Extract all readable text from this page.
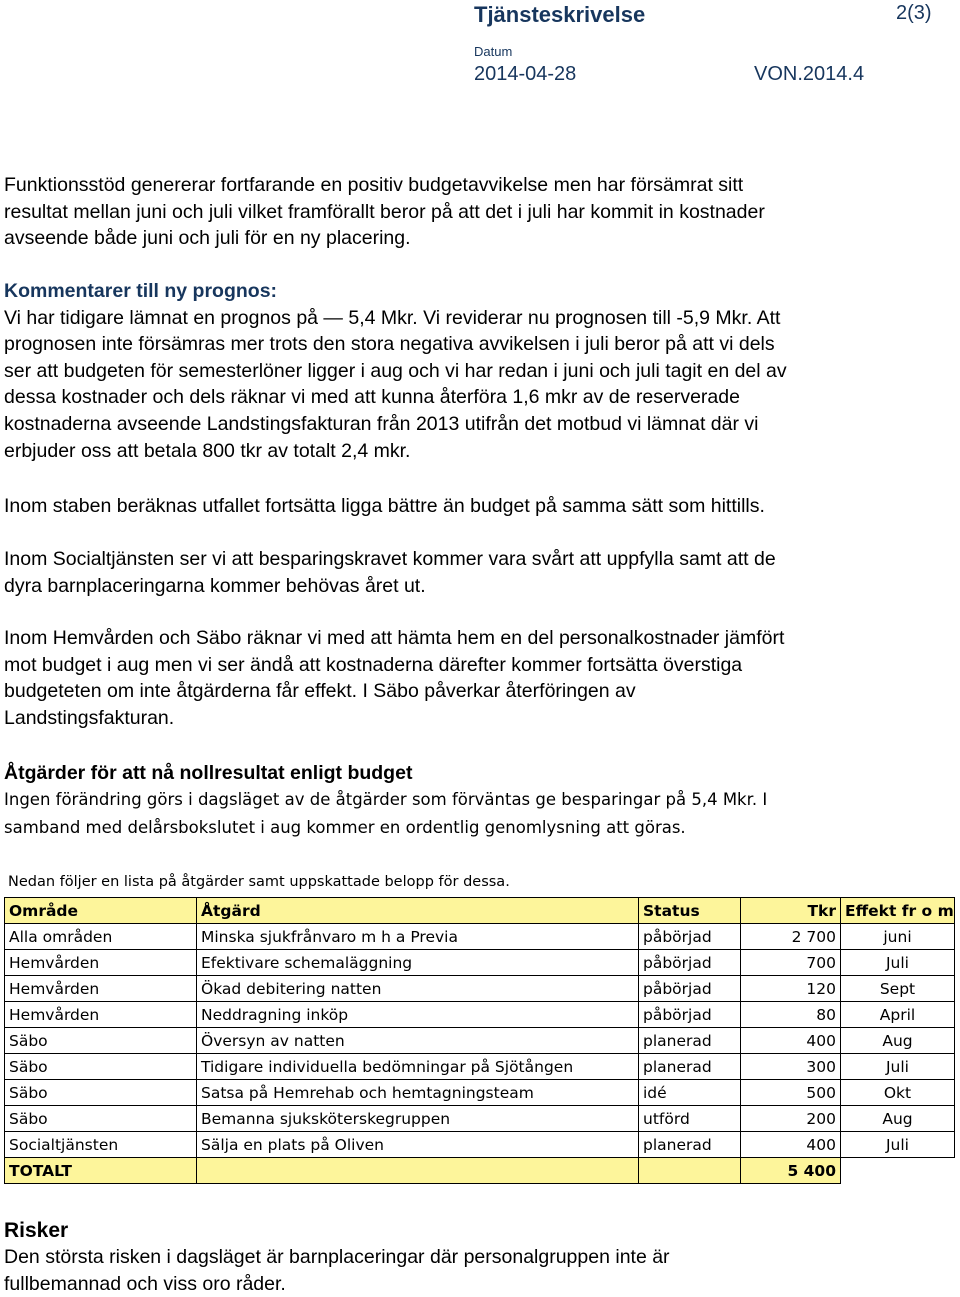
Tjänsteskrivelse	2(3)
Datum
2014-04-28	VON.2014.4
Funktionsstöd genererar fortfarande en positiv budgetavvikelse men har försämrat sitt
resultat mellan juni och juli vilket framförallt beror på att det i juli har kommit in kostnader
avseende både juni och juli för en ny placering.
Kommentarer till ny prognos:
Vi har tidigare lämnat en prognos på — 5,4 Mkr. Vi reviderar nu prognosen till -5,9 Mkr. Att
prognosen inte försämras mer trots den stora negativa avvikelsen i juli beror på att vi dels
ser att budgeten för semesterlöner ligger i aug och vi har redan i juni och juli tagit en del av
dessa kostnader och dels räknar vi med att kunna återföra 1,6 mkr av de reserverade
kostnaderna avseende Landstingsfakturan från 2013 utifrån det motbud vi lämnat där vi
erbjuder oss att betala 800 tkr av totalt 2,4 mkr.
Inom staben beräknas utfallet fortsätta ligga bättre än budget på samma sätt som hittills.
Inom Socialtjänsten ser vi att besparingskravet kommer vara svårt att uppfylla samt att de
dyra barnplaceringarna kommer behövas året ut.
Inom Hemvården och Säbo räknar vi med att hämta hem en del personalkostnader jämfört
mot budget i aug men vi ser ändå att kostnaderna därefter kommer fortsätta överstiga
budgeteten om inte åtgärderna får effekt. I Säbo påverkar återföringen av
Landstingsfakturan.
Åtgärder för att nå nollresultat enligt budget
Ingen förändring görs i dagsläget av de åtgärder som förväntas ge besparingar på 5,4 Mkr. I
samband med delårsbokslutet i aug kommer en ordentlig genomlysning att göras.
Nedan följer en lista på åtgärder samt uppskattade belopp för dessa.
Område	Åtgärd	Status	Tkr	Effekt fr o m
Alla områden	Minska sjukfrånvaro m h a Previa	påbörjad	2 700	juni
Hemvården	Efektivare schemaläggning	påbörjad	700	Juli
Hemvården	Ökad debitering natten	påbörjad	120	Sept
Hemvården	Neddragning inköp	påbörjad	80	April
Säbo	Översyn av natten	planerad	400	Aug
Säbo	Tidigare individuella bedömningar på Sjötången	planerad	300	Juli
Säbo	Satsa på Hemrehab och hemtagningsteam	idé	500	Okt
Säbo	Bemanna sjuksköterskegruppen	utförd	200	Aug
Socialtjänsten	Sälja en plats på Oliven	planerad	400	Juli
TOTALT			5 400	
Risker
Den största risken i dagsläget är barnplaceringar där personalgruppen inte är
fullbemannad och viss oro råder.
